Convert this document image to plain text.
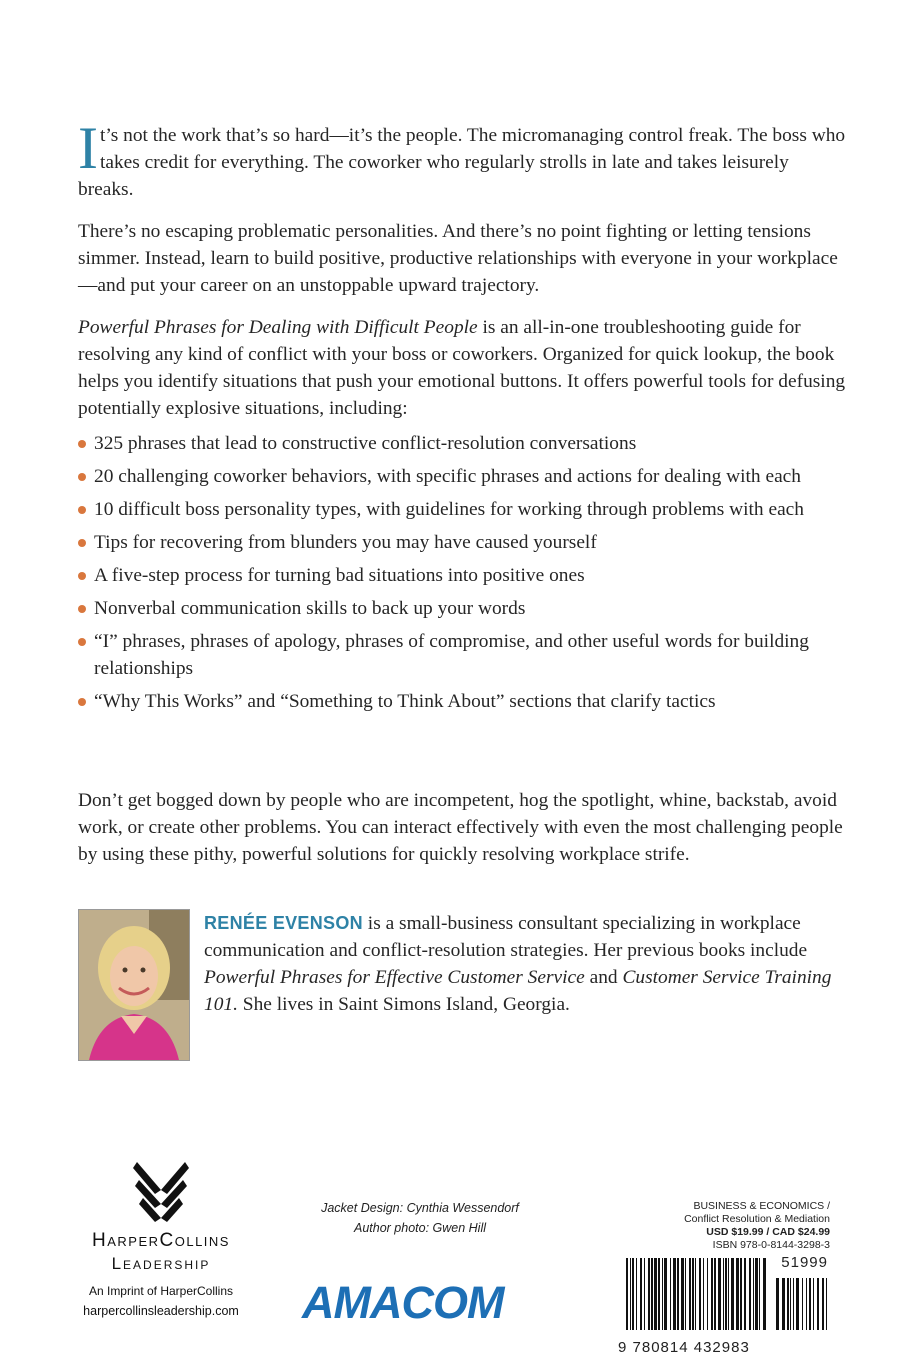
It’s not the work that’s so hard—it’s the people. The micromanaging control freak. The boss who takes credit for everything. The coworker who regularly strolls in late and takes leisurely breaks.

There’s no escaping problematic personalities. And there’s no point fighting or letting tensions simmer. Instead, learn to build positive, productive relationships with everyone in your workplace—and put your career on an unstoppable upward trajectory.

Powerful Phrases for Dealing with Difficult People is an all-in-one troubleshooting guide for resolving any kind of conflict with your boss or coworkers. Organized for quick lookup, the book helps you identify situations that push your emotional buttons. It offers powerful tools for defusing potentially explosive situations, including:

325 phrases that lead to constructive conflict-resolution conversations
20 challenging coworker behaviors, with specific phrases and actions for dealing with each
10 difficult boss personality types, with guidelines for working through problems with each
Tips for recovering from blunders you may have caused yourself
A five-step process for turning bad situations into positive ones
Nonverbal communication skills to back up your words
“I” phrases, phrases of apology, phrases of compromise, and other useful words for building relationships
“Why This Works” and “Something to Think About” sections that clarify tactics

Don’t get bogged down by people who are incompetent, hog the spotlight, whine, backstab, avoid work, or create other problems. You can interact effectively with even the most challenging people by using these pithy, powerful solutions for quickly resolving workplace strife.

RENÉE EVENSON is a small-business consultant specializing in workplace communication and conflict-resolution strategies. Her previous books include Powerful Phrases for Effective Customer Service and Customer Service Training 101. She lives in Saint Simons Island, Georgia.

HarperCollins
Leadership
An Imprint of HarperCollins
harpercollinsleadership.com
Jacket Design: Cynthia Wessendorf
Author photo: Gwen Hill
AMACOM
BUSINESS & ECONOMICS /
Conflict Resolution & Mediation
USD $19.99 / CAD $24.99
ISBN 978-0-8144-3298-3
51999
9 780814 432983
